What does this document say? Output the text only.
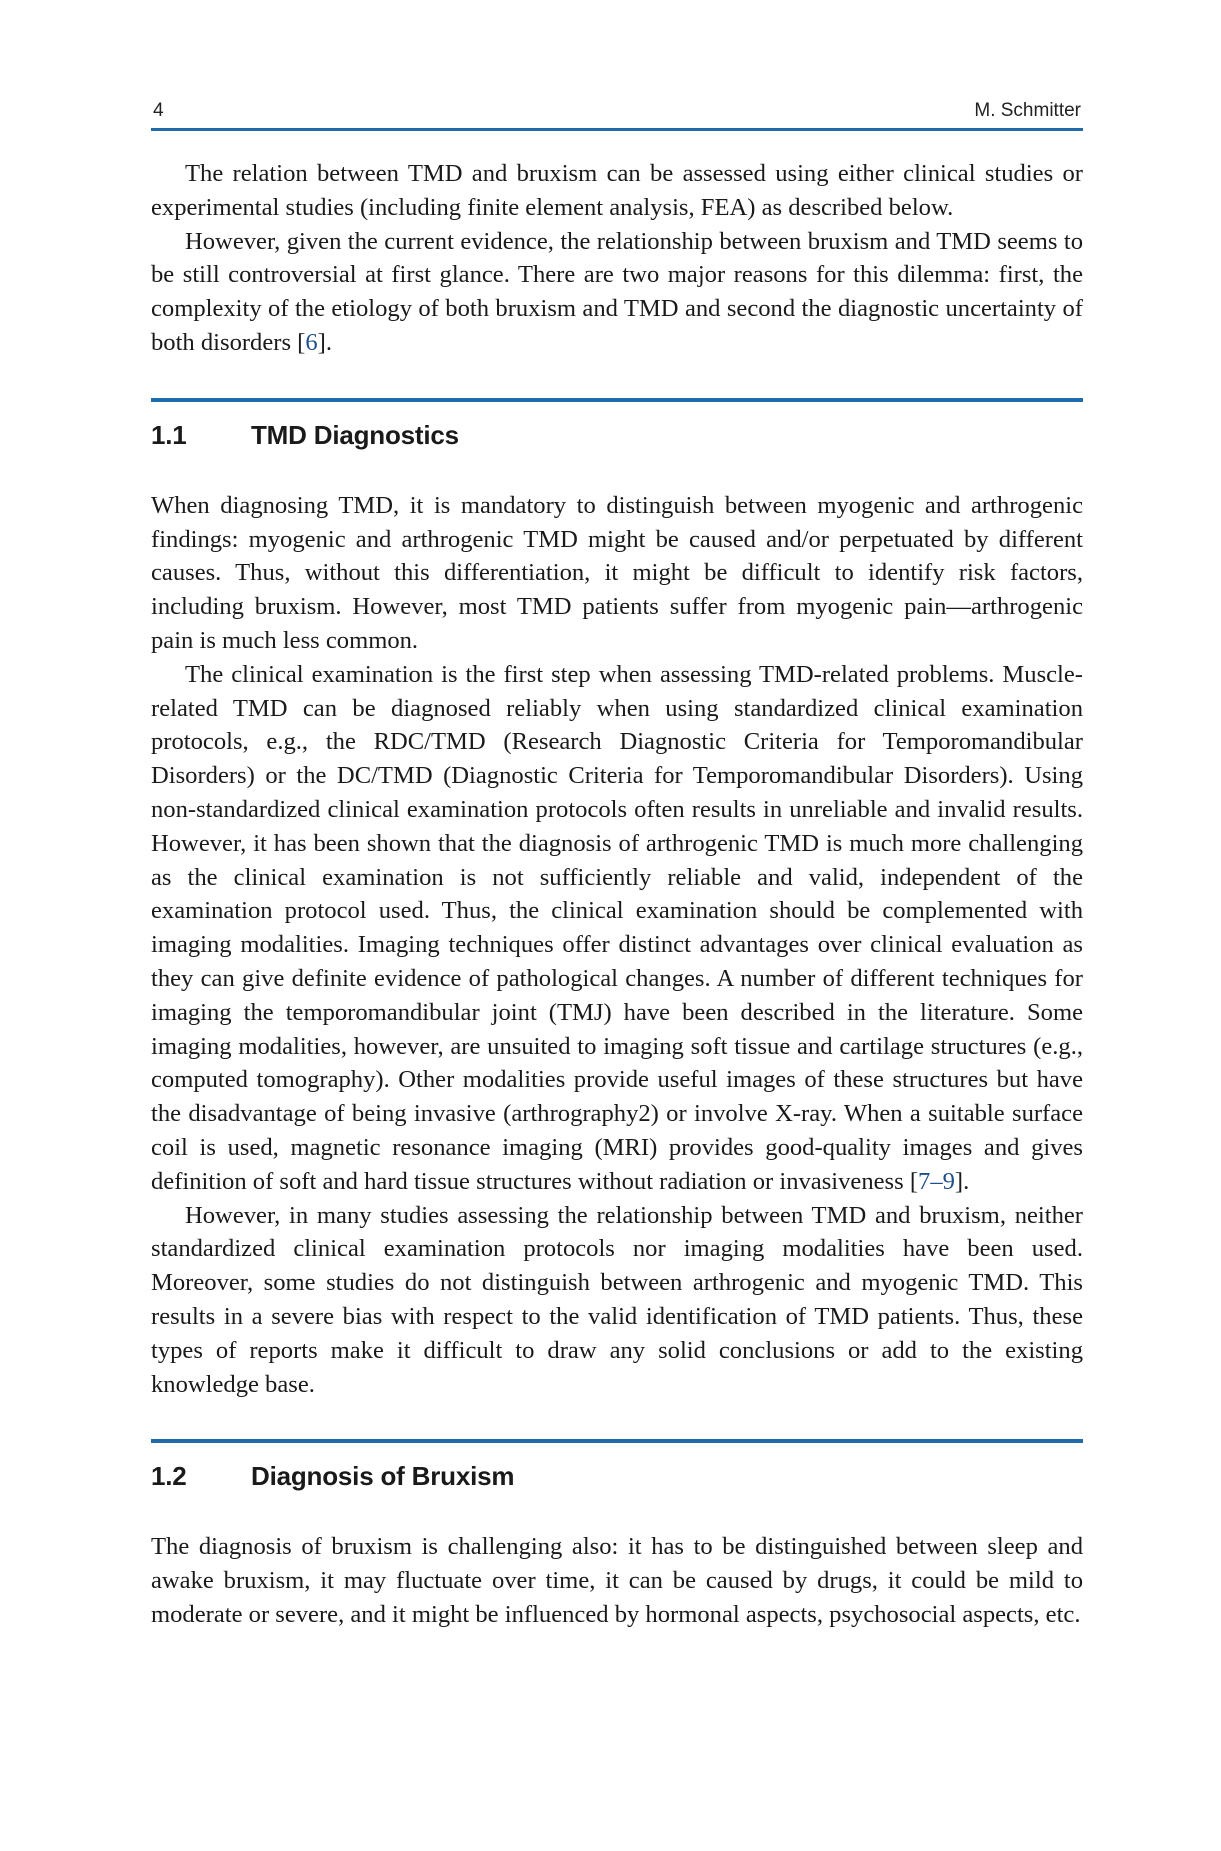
4	M. Schmitter

The relation between TMD and bruxism can be assessed using either clinical studies or experimental studies (including finite element analysis, FEA) as described below.

However, given the current evidence, the relationship between bruxism and TMD seems to be still controversial at first glance. There are two major reasons for this dilemma: first, the complexity of the etiology of both bruxism and TMD and second the diagnostic uncertainty of both disorders [6].

1.1	TMD Diagnostics

When diagnosing TMD, it is mandatory to distinguish between myogenic and arthrogenic findings: myogenic and arthrogenic TMD might be caused and/or perpetuated by different causes. Thus, without this differentiation, it might be difficult to identify risk factors, including bruxism. However, most TMD patients suffer from myogenic pain—arthrogenic pain is much less common.

The clinical examination is the first step when assessing TMD-related problems. Muscle-related TMD can be diagnosed reliably when using standardized clinical examination protocols, e.g., the RDC/TMD (Research Diagnostic Criteria for Temporomandibular Disorders) or the DC/TMD (Diagnostic Criteria for Temporomandibular Disorders). Using non-standardized clinical examination protocols often results in unreliable and invalid results. However, it has been shown that the diagnosis of arthrogenic TMD is much more challenging as the clinical examination is not sufficiently reliable and valid, independent of the examination protocol used. Thus, the clinical examination should be complemented with imaging modalities. Imaging techniques offer distinct advantages over clinical evaluation as they can give definite evidence of pathological changes. A number of different techniques for imaging the temporomandibular joint (TMJ) have been described in the literature. Some imaging modalities, however, are unsuited to imaging soft tissue and cartilage structures (e.g., computed tomography). Other modalities provide useful images of these structures but have the disadvantage of being invasive (arthrography2) or involve X-ray. When a suitable surface coil is used, magnetic resonance imaging (MRI) provides good-quality images and gives definition of soft and hard tissue structures without radiation or invasiveness [7–9].

However, in many studies assessing the relationship between TMD and bruxism, neither standardized clinical examination protocols nor imaging modalities have been used. Moreover, some studies do not distinguish between arthrogenic and myogenic TMD. This results in a severe bias with respect to the valid identification of TMD patients. Thus, these types of reports make it difficult to draw any solid conclusions or add to the existing knowledge base.

1.2	Diagnosis of Bruxism

The diagnosis of bruxism is challenging also: it has to be distinguished between sleep and awake bruxism, it may fluctuate over time, it can be caused by drugs, it could be mild to moderate or severe, and it might be influenced by hormonal aspects, psychosocial aspects, etc.
